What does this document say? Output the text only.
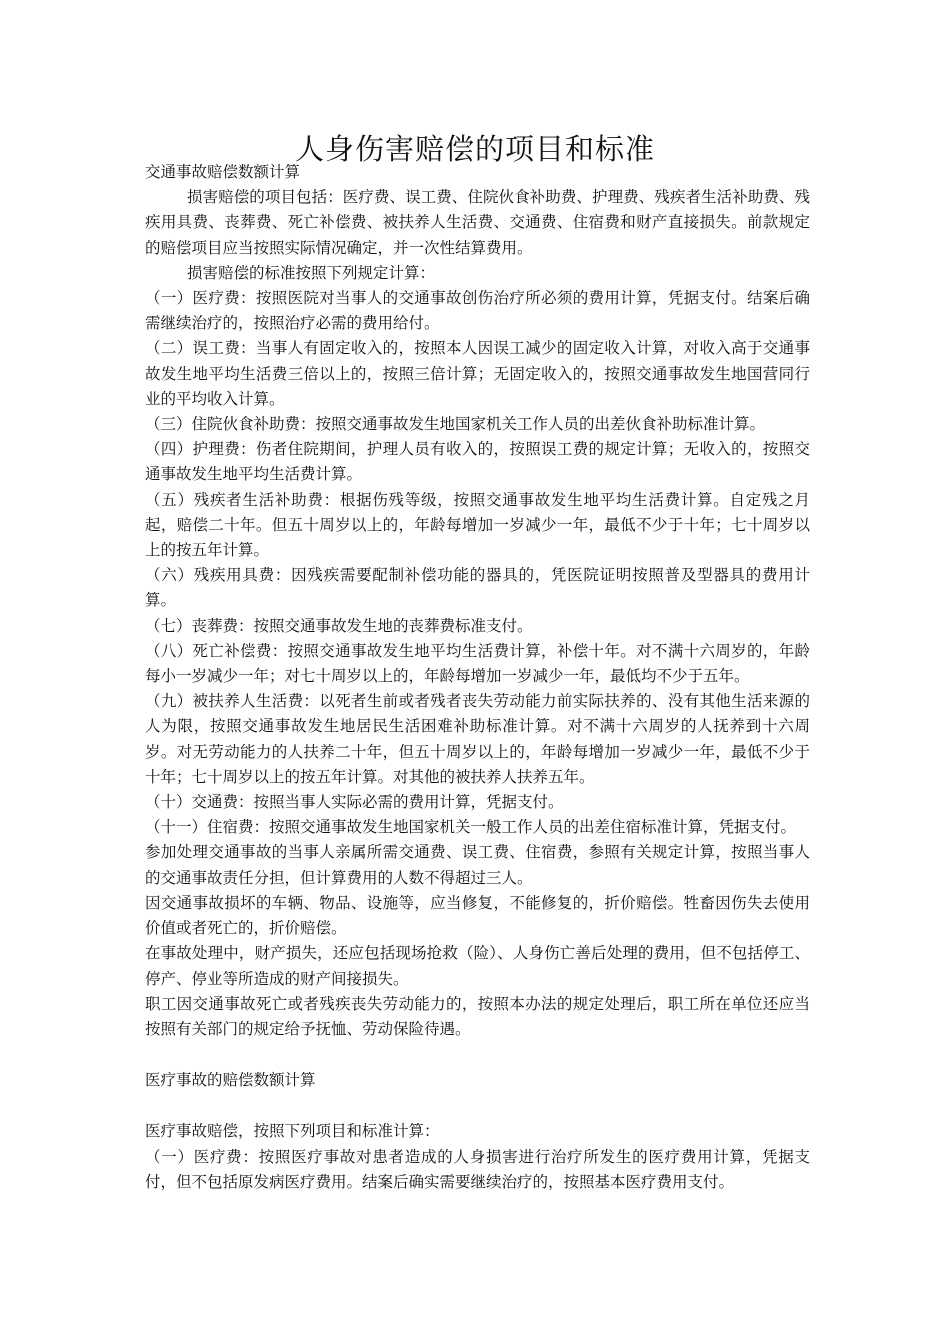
人身伤害赔偿的项目和标准

交通事故赔偿数额计算

损害赔偿的项目包括：医疗费、误工费、住院伙食补助费、护理费、残疾者生活补助费、残疾用具费、丧葬费、死亡补偿费、被扶养人生活费、交通费、住宿费和财产直接损失。前款规定的赔偿项目应当按照实际情况确定，并一次性结算费用。

损害赔偿的标准按照下列规定计算：

（一）医疗费：按照医院对当事人的交通事故创伤治疗所必须的费用计算，凭据支付。结案后确需继续治疗的，按照治疗必需的费用给付。

（二）误工费：当事人有固定收入的，按照本人因误工减少的固定收入计算，对收入高于交通事故发生地平均生活费三倍以上的，按照三倍计算；无固定收入的，按照交通事故发生地国营同行业的平均收入计算。

（三）住院伙食补助费：按照交通事故发生地国家机关工作人员的出差伙食补助标准计算。

（四）护理费：伤者住院期间，护理人员有收入的，按照误工费的规定计算；无收入的，按照交通事故发生地平均生活费计算。

（五）残疾者生活补助费：根据伤残等级，按照交通事故发生地平均生活费计算。自定残之月起，赔偿二十年。但五十周岁以上的，年龄每增加一岁减少一年，最低不少于十年；七十周岁以上的按五年计算。

（六）残疾用具费：因残疾需要配制补偿功能的器具的，凭医院证明按照普及型器具的费用计算。

（七）丧葬费：按照交通事故发生地的丧葬费标准支付。

（八）死亡补偿费：按照交通事故发生地平均生活费计算，补偿十年。对不满十六周岁的，年龄每小一岁减少一年；对七十周岁以上的，年龄每增加一岁减少一年，最低均不少于五年。

（九）被扶养人生活费：以死者生前或者残者丧失劳动能力前实际扶养的、没有其他生活来源的人为限，按照交通事故发生地居民生活困难补助标准计算。对不满十六周岁的人抚养到十六周岁。对无劳动能力的人扶养二十年，但五十周岁以上的，年龄每增加一岁减少一年，最低不少于十年；七十周岁以上的按五年计算。对其他的被扶养人扶养五年。

（十）交通费：按照当事人实际必需的费用计算，凭据支付。

（十一）住宿费：按照交通事故发生地国家机关一般工作人员的出差住宿标准计算，凭据支付。

参加处理交通事故的当事人亲属所需交通费、误工费、住宿费，参照有关规定计算，按照当事人的交通事故责任分担，但计算费用的人数不得超过三人。

因交通事故损坏的车辆、物品、设施等，应当修复，不能修复的，折价赔偿。牲畜因伤失去使用价值或者死亡的，折价赔偿。

在事故处理中，财产损失，还应包括现场抢救（险）、人身伤亡善后处理的费用，但不包括停工、停产、停业等所造成的财产间接损失。

职工因交通事故死亡或者残疾丧失劳动能力的，按照本办法的规定处理后，职工所在单位还应当按照有关部门的规定给予抚恤、劳动保险待遇。

医疗事故的赔偿数额计算

医疗事故赔偿，按照下列项目和标准计算：

（一）医疗费：按照医疗事故对患者造成的人身损害进行治疗所发生的医疗费用计算，凭据支付，但不包括原发病医疗费用。结案后确实需要继续治疗的，按照基本医疗费用支付。
